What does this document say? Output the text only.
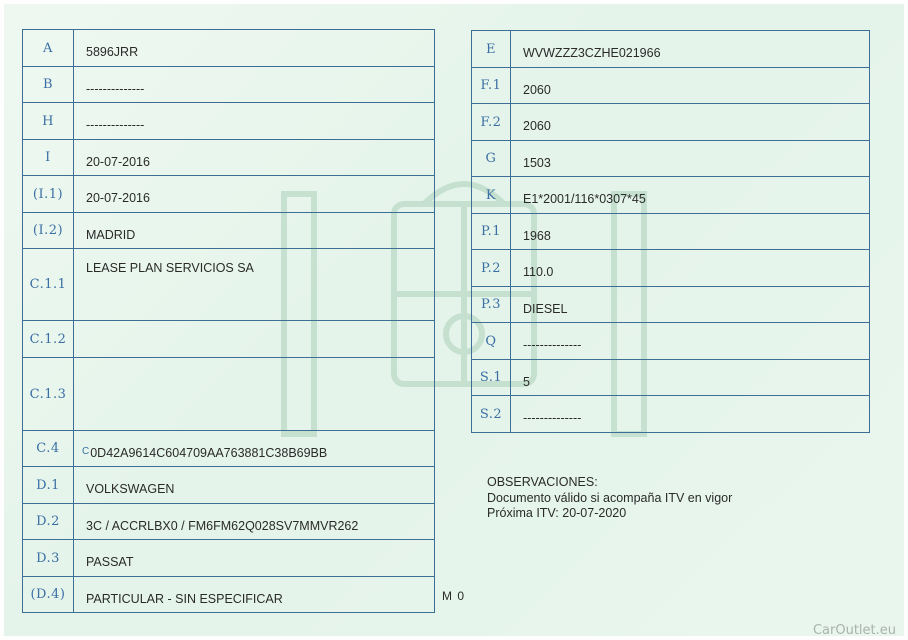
A	5896JRR
B	--------------
H	--------------
I	20-07-2016
(I.1)	20-07-2016
(I.2)	MADRID
C.1.1	LEASE PLAN SERVICIOS SA
C.1.2	
C.1.3	
C.4	$^C$0D42A9614C604709AA763881C38B69BB
D.1	VOLKSWAGEN
D.2	3C / ACCRLBX0 / FM6FM62Q028SV7MMVR262
D.3	PASSAT
(D.4)	PARTICULAR - SIN ESPECIFICAR
E	WVWZZZ3CZHE021966
F.1	2060
F.2	2060
G	1503
K	E1*2001/116*0307*45
P.1	1968
P.2	110.0
P.3	DIESEL
Q	--------------
S.1	5
S.2	--------------
OBSERVACIONES:
Documento válido si acompaña ITV en vigor
Próxima ITV: 20-07-2020
M 0
CarOutlet.eu
